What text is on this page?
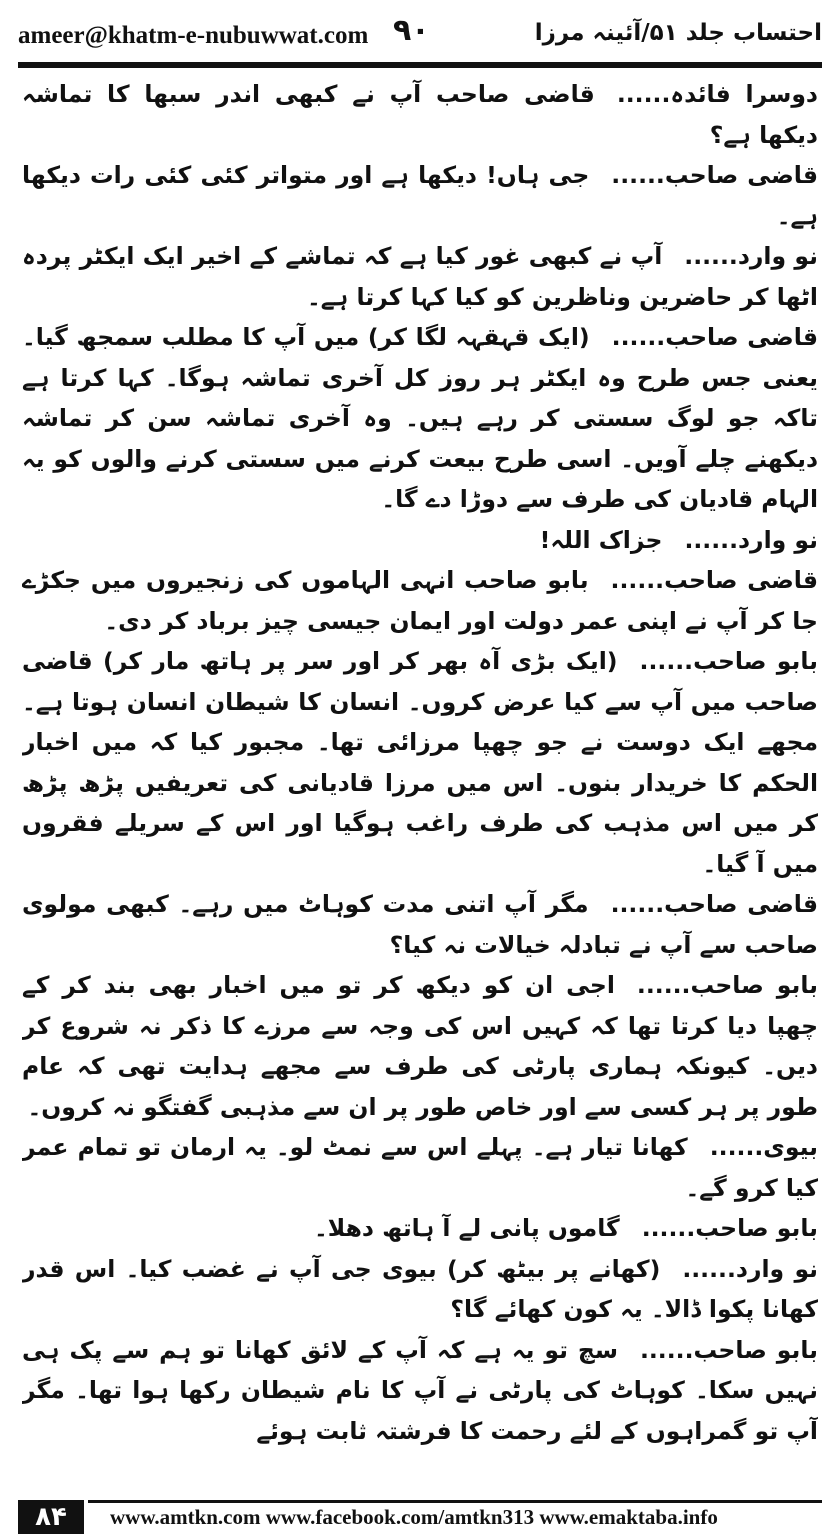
ameer@khatm-e-nubuwwat.com ۹۰	احتساب جلد ۵۱/آئینہ مرزا

دوسرا فائدہ......قاضی صاحب آپ نے کبھی اندر سبھا کا تماشہ دیکھا ہے؟

قاضی صاحب......جی ہاں! دیکھا ہے اور متواتر کئی کئی رات دیکھا ہے۔

نو وارد......آپ نے کبھی غور کیا ہے کہ تماشے کے اخیر ایک ایکٹر پردہ اٹھا کر حاضرین وناظرین کو کیا کہا کرتا ہے۔

قاضی صاحب......(ایک قہقہہ لگا کر) میں آپ کا مطلب سمجھ گیا۔ یعنی جس طرح وہ ایکٹر ہر روز کل آخری تماشہ ہوگا۔ کہا کرتا ہے تاکہ جو لوگ سستی کر رہے ہیں۔ وہ آخری تماشہ سن کر تماشہ دیکھنے چلے آویں۔ اسی طرح بیعت کرنے میں سستی کرنے والوں کو یہ الہام قادیان کی طرف سے دوڑا دے گا۔

نو وارد......جزاک اللہ!

قاضی صاحب......بابو صاحب انہی الہاموں کی زنجیروں میں جکڑے جا کر آپ نے اپنی عمر دولت اور ایمان جیسی چیز برباد کر دی۔

بابو صاحب......(ایک بڑی آہ بھر کر اور سر پر ہاتھ مار کر) قاضی صاحب میں آپ سے کیا عرض کروں۔ انسان کا شیطان انسان ہوتا ہے۔ مجھے ایک دوست نے جو چھپا مرزائی تھا۔ مجبور کیا کہ میں اخبار الحکم کا خریدار بنوں۔ اس میں مرزا قادیانی کی تعریفیں پڑھ پڑھ کر میں اس مذہب کی طرف راغب ہوگیا اور اس کے سریلے فقروں میں آ گیا۔

قاضی صاحب......مگر آپ اتنی مدت کوہاٹ میں رہے۔ کبھی مولوی صاحب سے آپ نے تبادلہ خیالات نہ کیا؟

بابو صاحب......اجی ان کو دیکھ کر تو میں اخبار بھی بند کر کے چھپا دیا کرتا تھا کہ کہیں اس کی وجہ سے مرزے کا ذکر نہ شروع کر دیں۔ کیونکہ ہماری پارٹی کی طرف سے مجھے ہدایت تھی کہ عام طور پر ہر کسی سے اور خاص طور پر ان سے مذہبی گفتگو نہ کروں۔

بیوی......کھانا تیار ہے۔ پہلے اس سے نمٹ لو۔ یہ ارمان تو تمام عمر کیا کرو گے۔

بابو صاحب......گاموں پانی لے آ ہاتھ دھلا۔

نو وارد......(کھانے پر بیٹھ کر) بیوی جی آپ نے غضب کیا۔ اس قدر کھانا پکوا ڈالا۔ یہ کون کھائے گا؟

بابو صاحب......سچ تو یہ ہے کہ آپ کے لائق کھانا تو ہم سے پک ہی نہیں سکا۔ کوہاٹ کی پارٹی نے آپ کا نام شیطان رکھا ہوا تھا۔ مگر آپ تو گمراہوں کے لئے رحمت کا فرشتہ ثابت ہوئے

۸۴	www.amtkn.com www.facebook.com/amtkn313 www.emaktaba.info
